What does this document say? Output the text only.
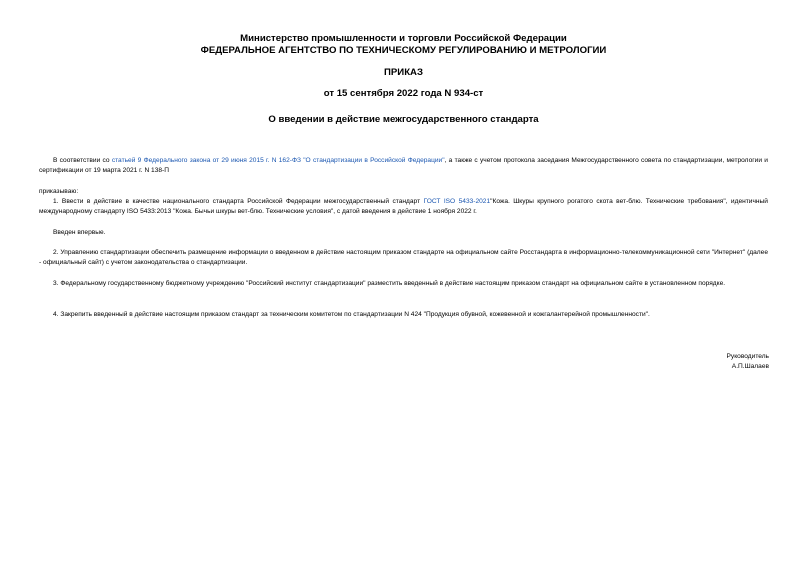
Министерство промышленности и торговли Российской Федерации
ФЕДЕРАЛЬНОЕ АГЕНТСТВО ПО ТЕХНИЧЕСКОМУ РЕГУЛИРОВАНИЮ И МЕТРОЛОГИИ
ПРИКАЗ
от 15 сентября 2022 года N 934-ст
О введении в действие межгосударственного стандарта
В соответствии со статьей 9 Федерального закона от 29 июня 2015 г. N 162-ФЗ "О стандартизации в Российской Федерации", а также с учетом протокола заседания Межгосударственного совета по стандартизации, метрологии и сертификации от 19 марта 2021 г. N 138-П
приказываю:
1. Ввести в действие в качестве национального стандарта Российской Федерации межгосударственный стандарт ГОСТ ISO 5433-2021"Кожа. Шкуры крупного рогатого скота вет-блю. Технические требования", идентичный международному стандарту ISO 5433:2013 "Кожа. Бычьи шкуры вет-блю. Технические условия", с датой введения в действие 1 ноября 2022 г.
Введен впервые.
2. Управлению стандартизации обеспечить размещение информации о введенном в действие настоящим приказом стандарте на официальном сайте Росстандарта в информационно-телекоммуникационной сети "Интернет" (далее - официальный сайт) с учетом законодательства о стандартизации.
3. Федеральному государственному бюджетному учреждению "Российский институт стандартизации" разместить введенный в действие настоящим приказом стандарт на официальном сайте в установленном порядке.
4. Закрепить введенный в действие настоящим приказом стандарт за техническим комитетом по стандартизации N 424 "Продукция обувной, кожевенной и кожгалантерейной промышленности".
Руководитель
А.П.Шалаев
